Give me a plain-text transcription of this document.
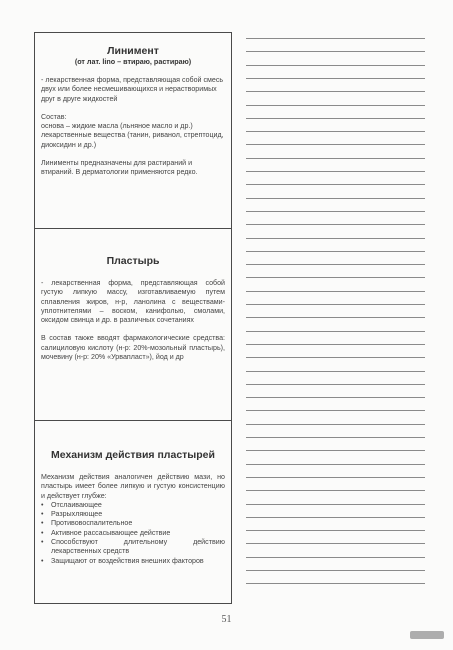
Линимент
(от лат. lino – втираю, растираю)

- лекарственная форма, представляющая собой смесь двух или более несмешивающихся и нерастворимых друг в друге жидкостей

Состав:

основа – жидкие масла (льняное масло и др.)

лекарственные вещества (танин, риванол, стрептоцид, диоксидин и др.)

Линименты предназначены для растираний и втираний. В дерматологии применяются редко.

Пластырь

- лекарственная форма, представляющая собой густую липкую массу, изготавливаемую путем сплавления жиров, н-р, ланолина с веществами-уплотнителями – воском, канифолью, смолами, оксидом свинца и др. в различных сочетаниях

В состав также вводят фармакологические средства: салициловую кислоту (н-р: 20%-мозольный пластырь), мочевину (н-р: 20% «Урвапласт»), йод и др

Механизм действия пластырей
Механизм действия аналогичен действию мази, но пластырь имеет более липкую и густую консистенцию и действует глубже:
• Отслаивающее
• Разрыхляющее
• Противовоспалительное
• Активное рассасывающее действие
• Способствуют длительному действию лекарственных средств
• Защищают от воздействия внешних факторов
51
